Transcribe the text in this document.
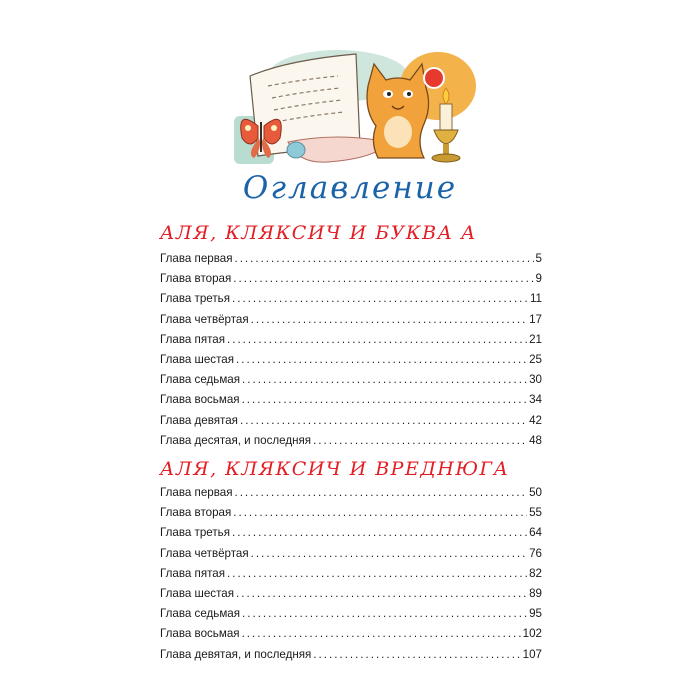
Оглавление
АЛЯ, КЛЯКСИЧ И БУКВА А
Глава первая .....	5
Глава вторая .....	9
Глава третья .....	11
Глава четвёртая .....	17
Глава пятая .....	21
Глава шестая .....	25
Глава седьмая .....	30
Глава восьмая .....	34
Глава девятая .....	42
Глава десятая, и последняя .....	48
АЛЯ, КЛЯКСИЧ И ВРЕДНЮГА
Глава первая .....	50
Глава вторая .....	55
Глава третья .....	64
Глава четвёртая .....	76
Глава пятая .....	82
Глава шестая .....	89
Глава седьмая .....	95
Глава восьмая .....	102
Глава девятая, и последняя .....	107
